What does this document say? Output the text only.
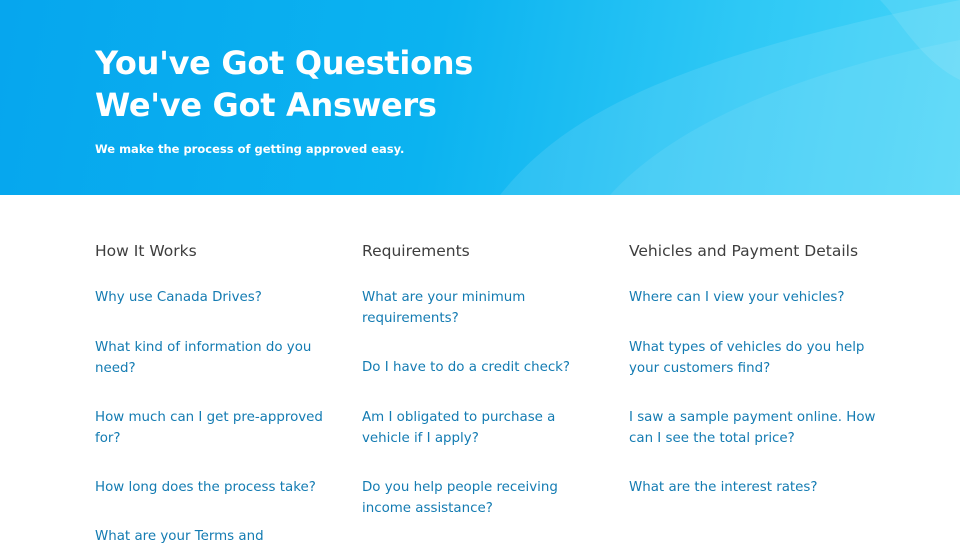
You've Got Questions
We've Got Answers

We make the process of getting approved easy.

How It Works
Why use Canada Drives?
What kind of information do you need?
How much can I get pre-approved for?
How long does the process take?
What are your Terms and
Requirements
What are your minimum requirements?
Do I have to do a credit check?
Am I obligated to purchase a vehicle if I apply?
Do you help people receiving income assistance?
Vehicles and Payment Details
Where can I view your vehicles?
What types of vehicles do you help your customers find?
I saw a sample payment online. How can I see the total price?
What are the interest rates?
